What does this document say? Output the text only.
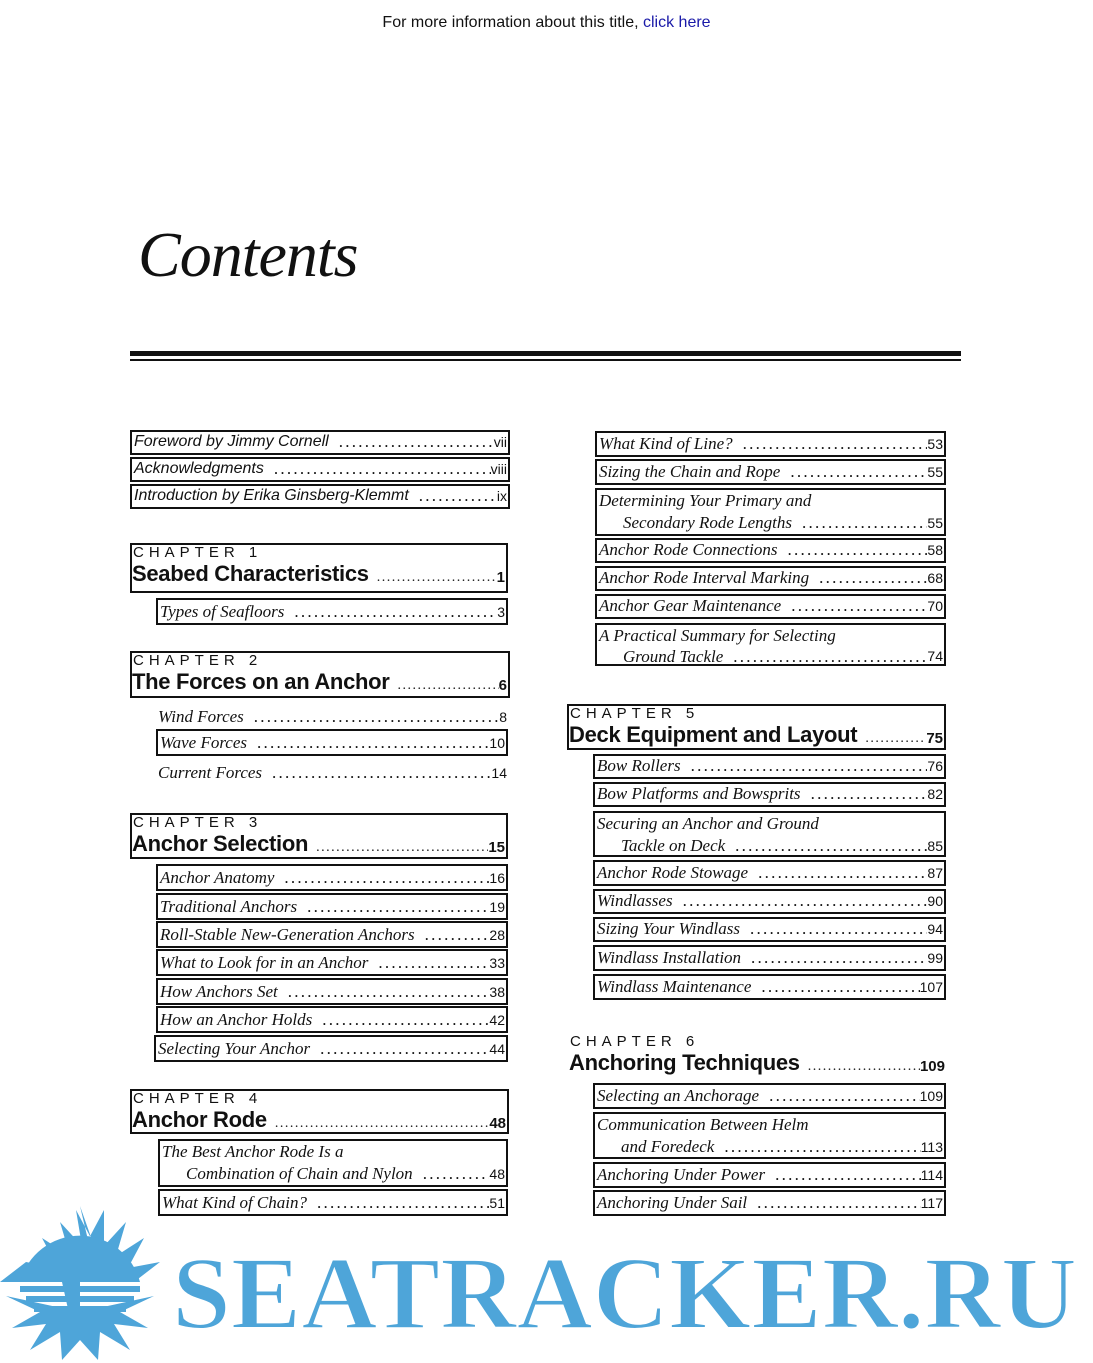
For more information about this title, click here
Contents
Foreword by Jimmy Cornell . . .	vii
Acknowledgments . . .	viii
Introduction by Erika Ginsberg-Klemmt . . .	ix
CHAPTER 1
Seabed Characteristics . . .	1
Types of Seafloors . . .	3
CHAPTER 2
The Forces on an Anchor . . .	6
Wind Forces . . .	8
Wave Forces . . .	10
Current Forces . . .	14
CHAPTER 3
Anchor Selection . . .	15
Anchor Anatomy . . .	16
Traditional Anchors . . .	19
Roll-Stable New-Generation Anchors . . .	28
What to Look for in an Anchor . . .	33
How Anchors Set . . .	38
How an Anchor Holds . . .	42
Selecting Your Anchor . . .	44
CHAPTER 4
Anchor Rode . . .	48
The Best Anchor Rode Is a
Combination of Chain and Nylon . . .	48
What Kind of Chain? . . .	51
What Kind of Line? . . .	53
Sizing the Chain and Rope . . .	55
Determining Your Primary and
Secondary Rode Lengths . . .	55
Anchor Rode Connections . . .	58
Anchor Rode Interval Marking . . .	68
Anchor Gear Maintenance . . .	70
A Practical Summary for Selecting
Ground Tackle . . .	74
CHAPTER 5
Deck Equipment and Layout . . .	75
Bow Rollers . . .	76
Bow Platforms and Bowsprits . . .	82
Securing an Anchor and Ground
Tackle on Deck . . .	85
Anchor Rode Stowage . . .	87
Windlasses . . .	90
Sizing Your Windlass . . .	94
Windlass Installation . . .	99
Windlass Maintenance . . .	107
CHAPTER 6
Anchoring Techniques . . .	109
Selecting an Anchorage . . .	109
Communication Between Helm
and Foredeck . . .	113
Anchoring Under Power . . .	114
Anchoring Under Sail . . .	117
SEATRACKER.RU
